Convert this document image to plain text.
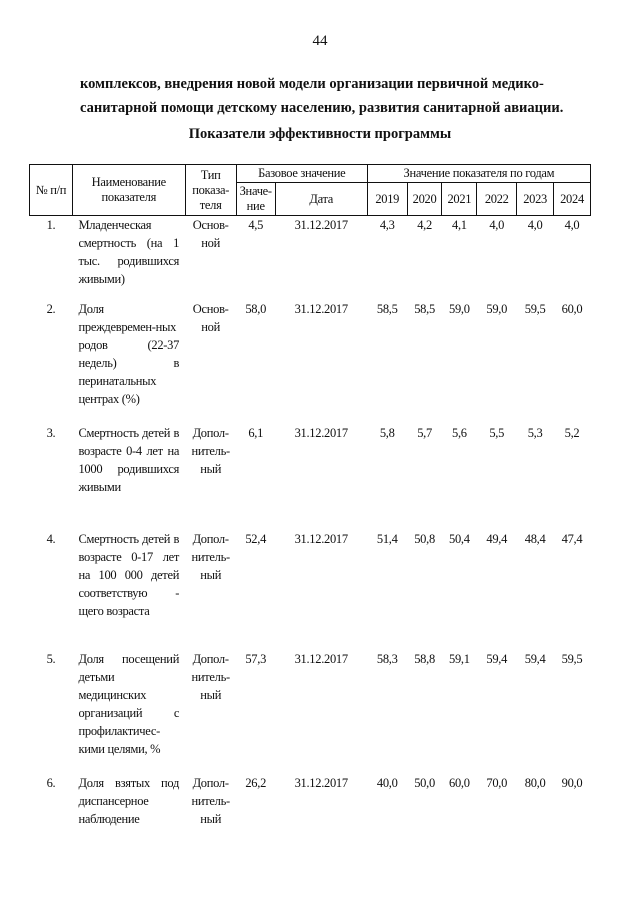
44
комплексов, внедрения новой модели организации первичной медико-
санитарной помощи детскому населению, развития санитарной авиации.
Показатели эффективности программы
№ п/п	Наименование показателя	Тип показа-теля	Базовое значение		Значение показателя по годам					
			Значе-ние	Дата	2019	2020	2021	2022	2023	2024
1.	Младенческая смертность (на 1 тыс. родившихся живыми)	Основ-ной	4,5	31.12.2017	4,3	4,2	4,1	4,0	4,0	4,0
2.	Доля преждевремен-ных родов (22-37 недель) в перинатальных центрах (%)	Основ-ной	58,0	31.12.2017	58,5	58,5	59,0	59,0	59,5	60,0
3.	Смертность детей в возрасте 0-4 лет на 1000 родившихся живыми	Допол-нитель-ный	6,1	31.12.2017	5,8	5,7	5,6	5,5	5,3	5,2
4.	Смертность детей в возрасте 0-17 лет на 100 000 детей соответствую - щего возраста	Допол-нитель-ный	52,4	31.12.2017	51,4	50,8	50,4	49,4	48,4	47,4
5.	Доля посещений детьми медицинских организаций с профилактичес-кими целями, %	Допол-нитель-ный	57,3	31.12.2017	58,3	58,8	59,1	59,4	59,4	59,5
6.	Доля взятых под диспансерное наблюдение	Допол-нитель-ный	26,2	31.12.2017	40,0	50,0	60,0	70,0	80,0	90,0
